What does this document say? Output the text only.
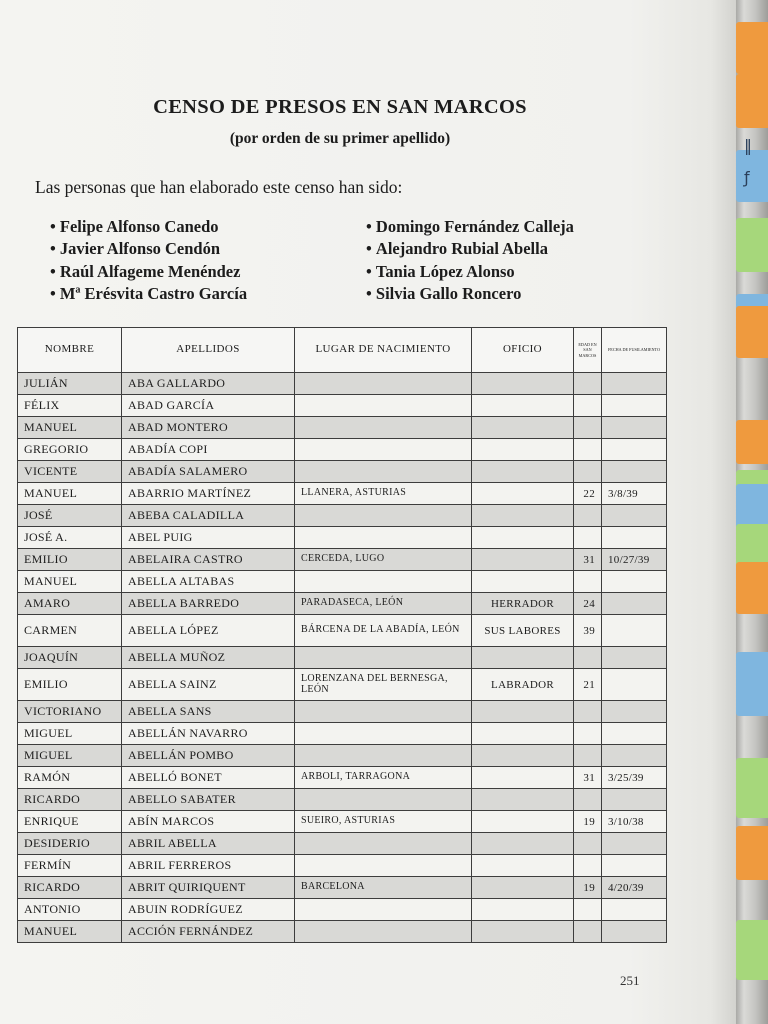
CENSO DE PRESOS EN SAN MARCOS

(por orden de su primer apellido)

Las personas que han elaborado este censo han sido:

• Felipe Alfonso Canedo
• Javier Alfonso Cendón
• Raúl Alfageme Menéndez
• Mª Erésvita Castro García
• Domingo Fernández Calleja
• Alejandro Rubial Abella
• Tania López Alonso
• Silvia Gallo Roncero
NOMBRE	APELLIDOS	LUGAR DE NACIMIENTO	OFICIO	EDAD EN SAN MARCOS	FECHA DE FUSILAMIENTO
JULIÁN	ABA GALLARDO				
FÉLIX	ABAD GARCÍA				
MANUEL	ABAD MONTERO				
GREGORIO	ABADÍA COPI				
VICENTE	ABADÍA SALAMERO				
MANUEL	ABARRIO MARTÍNEZ	LLANERA, ASTURIAS		22	3/8/39
JOSÉ	ABEBA CALADILLA				
JOSÉ A.	ABEL PUIG				
EMILIO	ABELAIRA CASTRO	CERCEDA, LUGO		31	10/27/39
MANUEL	ABELLA ALTABAS				
AMARO	ABELLA BARREDO	PARADASECA, LEÓN	HERRADOR	24	
CARMEN	ABELLA LÓPEZ	BÁRCENA DE LA ABADÍA, LEÓN	SUS LABORES	39	
JOAQUÍN	ABELLA MUÑOZ				
EMILIO	ABELLA SAINZ	LORENZANA DEL BERNESGA, LEÓN	LABRADOR	21	
VICTORIANO	ABELLA SANS				
MIGUEL	ABELLÁN NAVARRO				
MIGUEL	ABELLÁN POMBO				
RAMÓN	ABELLÓ BONET	ARBOLI, TARRAGONA		31	3/25/39
RICARDO	ABELLO SABATER				
ENRIQUE	ABÍN MARCOS	SUEIRO, ASTURIAS		19	3/10/38
DESIDERIO	ABRIL ABELLA				
FERMÍN	ABRIL FERREROS				
RICARDO	ABRIT QUIRIQUENT	BARCELONA		19	4/20/39
ANTONIO	ABUIN RODRÍGUEZ				
MANUEL	ACCIÓN FERNÁNDEZ				
251
‖
ƒ
